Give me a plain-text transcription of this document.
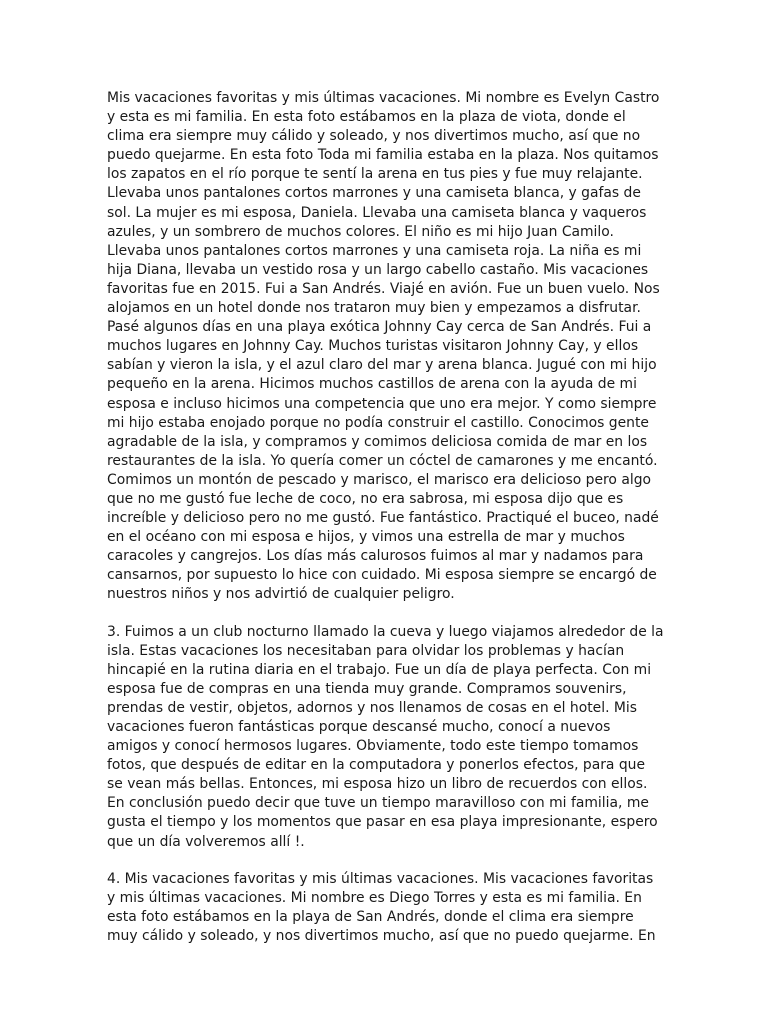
Mis vacaciones favoritas y mis últimas vacaciones. Mi nombre es Evelyn Castro
y esta es mi familia. En esta foto estábamos en la plaza de viota, donde el
clima era siempre muy cálido y soleado, y nos divertimos mucho, así que no
puedo quejarme. En esta foto Toda mi familia estaba en la plaza. Nos quitamos
los zapatos en el río porque te sentí la arena en tus pies y fue muy relajante.
Llevaba unos pantalones cortos marrones y una camiseta blanca, y gafas de
sol. La mujer es mi esposa, Daniela. Llevaba una camiseta blanca y vaqueros
azules, y un sombrero de muchos colores. El niño es mi hijo Juan Camilo.
Llevaba unos pantalones cortos marrones y una camiseta roja. La niña es mi
hija Diana, llevaba un vestido rosa y un largo cabello castaño. Mis vacaciones
favoritas fue en 2015. Fui a San Andrés. Viajé en avión. Fue un buen vuelo. Nos
alojamos en un hotel donde nos trataron muy bien y empezamos a disfrutar.
Pasé algunos días en una playa exótica Johnny Cay cerca de San Andrés. Fui a
muchos lugares en Johnny Cay. Muchos turistas visitaron Johnny Cay, y ellos
sabían y vieron la isla, y el azul claro del mar y arena blanca. Jugué con mi hijo
pequeño en la arena. Hicimos muchos castillos de arena con la ayuda de mi
esposa e incluso hicimos una competencia que uno era mejor. Y como siempre
mi hijo estaba enojado porque no podía construir el castillo. Conocimos gente
agradable de la isla, y compramos y comimos deliciosa comida de mar en los
restaurantes de la isla. Yo quería comer un cóctel de camarones y me encantó.
Comimos un montón de pescado y marisco, el marisco era delicioso pero algo
que no me gustó fue leche de coco, no era sabrosa, mi esposa dijo que es
increíble y delicioso pero no me gustó. Fue fantástico. Practiqué el buceo, nadé
en el océano con mi esposa e hijos, y vimos una estrella de mar y muchos
caracoles y cangrejos. Los días más calurosos fuimos al mar y nadamos para
cansarnos, por supuesto lo hice con cuidado. Mi esposa siempre se encargó de
nuestros niños y nos advirtió de cualquier peligro.

3. Fuimos a un club nocturno llamado la cueva y luego viajamos alrededor de la
isla. Estas vacaciones los necesitaban para olvidar los problemas y hacían
hincapié en la rutina diaria en el trabajo. Fue un día de playa perfecta. Con mi
esposa fue de compras en una tienda muy grande. Compramos souvenirs,
prendas de vestir, objetos, adornos y nos llenamos de cosas en el hotel. Mis
vacaciones fueron fantásticas porque descansé mucho, conocí a nuevos
amigos y conocí hermosos lugares. Obviamente, todo este tiempo tomamos
fotos, que después de editar en la computadora y ponerlos efectos, para que
se vean más bellas. Entonces, mi esposa hizo un libro de recuerdos con ellos.
En conclusión puedo decir que tuve un tiempo maravilloso con mi familia, me
gusta el tiempo y los momentos que pasar en esa playa impresionante, espero
que un día volveremos allí !.

4. Mis vacaciones favoritas y mis últimas vacaciones. Mis vacaciones favoritas
y mis últimas vacaciones. Mi nombre es Diego Torres y esta es mi familia. En
esta foto estábamos en la playa de San Andrés, donde el clima era siempre
muy cálido y soleado, y nos divertimos mucho, así que no puedo quejarme. En
